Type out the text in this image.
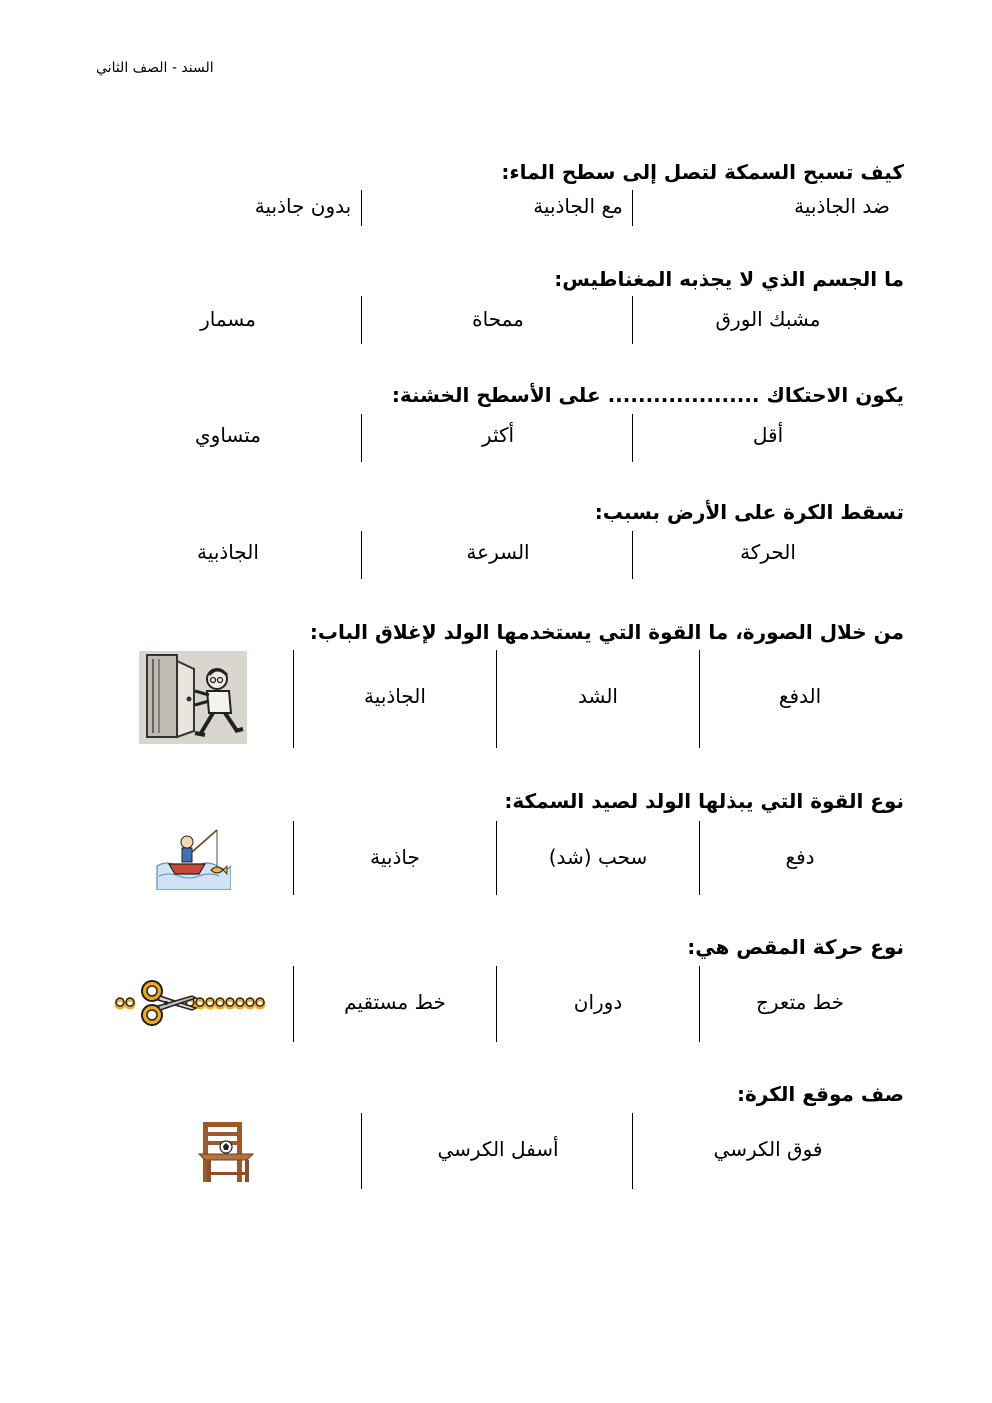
السند - الصف الثاني
كيف تسبح السمكة لتصل إلى سطح الماء:
ضد الجاذبية
مع الجاذبية
بدون جاذبية
ما الجسم الذي لا يجذبه المغناطيس:
مشبك الورق
ممحاة
مسمار
يكون الاحتكاك .................... على الأسطح الخشنة:
أقل
أكثر
متساوي
تسقط الكرة على الأرض بسبب:
الحركة
السرعة
الجاذبية
من خلال الصورة، ما القوة التي يستخدمها الولد لإغلاق الباب:
الدفع
الشد
الجاذبية
نوع القوة التي يبذلها الولد لصيد السمكة:
دفع
سحب (شد)
جاذبية
نوع حركة المقص هي:
خط متعرج
دوران
خط مستقيم
صف موقع الكرة:
فوق الكرسي
أسفل الكرسي
